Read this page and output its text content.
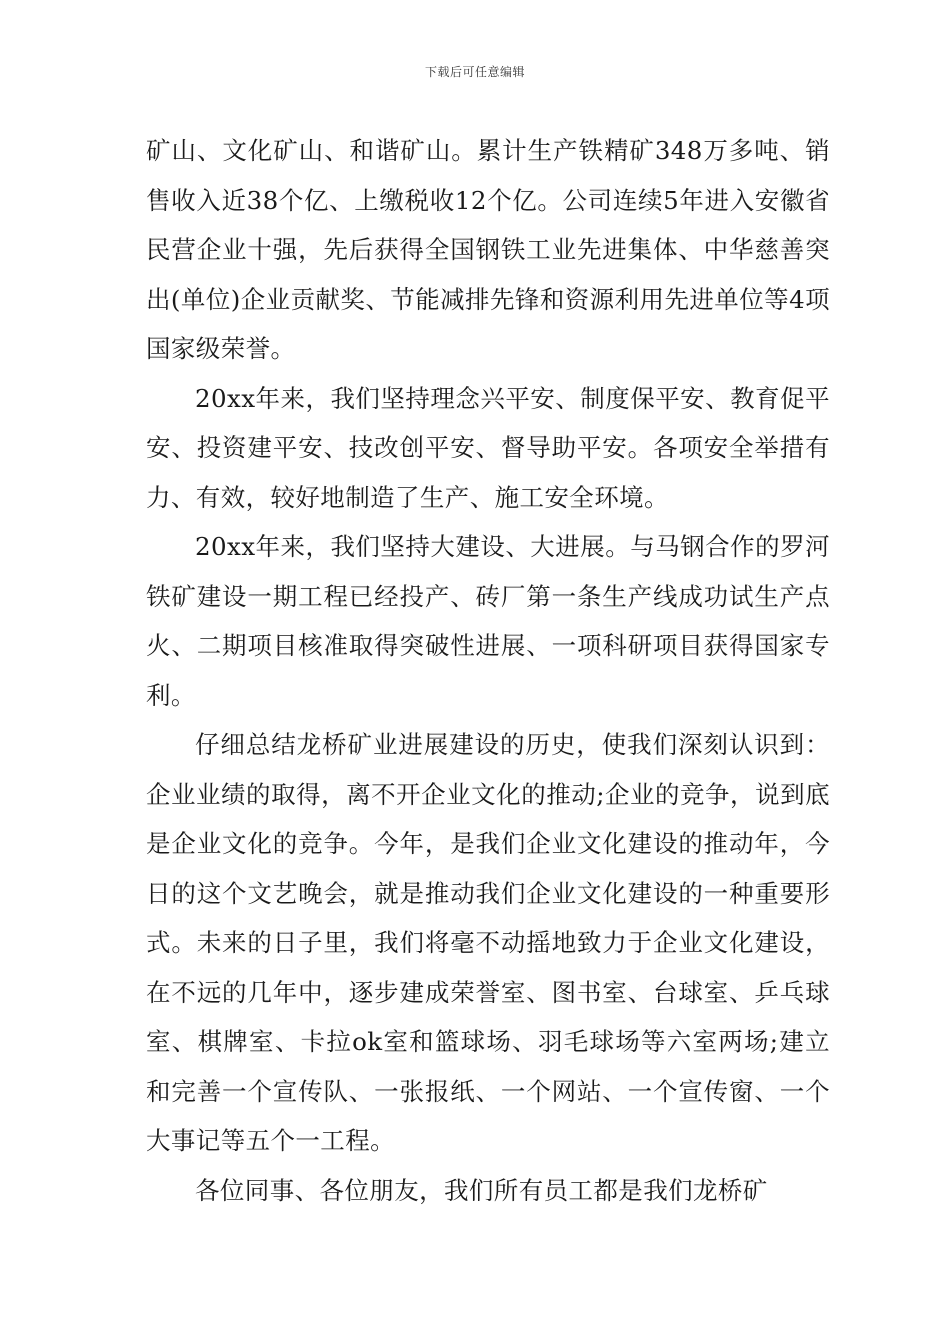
下载后可任意编辑

矿山、文化矿山、和谐矿山。累计生产铁精矿348万多吨、销售收入近38个亿、上缴税收12个亿。公司连续5年进入安徽省民营企业十强，先后获得全国钢铁工业先进集体、中华慈善突出(单位)企业贡献奖、节能减排先锋和资源利用先进单位等4项国家级荣誉。

20xx年来，我们坚持理念兴平安、制度保平安、教育促平安、投资建平安、技改创平安、督导助平安。各项安全举措有力、有效，较好地制造了生产、施工安全环境。

20xx年来，我们坚持大建设、大进展。与马钢合作的罗河铁矿建设一期工程已经投产、砖厂第一条生产线成功试生产点火、二期项目核准取得突破性进展、一项科研项目获得国家专利。

仔细总结龙桥矿业进展建设的历史，使我们深刻认识到：企业业绩的取得，离不开企业文化的推动;企业的竞争，说到底是企业文化的竞争。今年，是我们企业文化建设的推动年，今日的这个文艺晚会，就是推动我们企业文化建设的一种重要形式。未来的日子里，我们将毫不动摇地致力于企业文化建设，在不远的几年中，逐步建成荣誉室、图书室、台球室、乒乓球室、棋牌室、卡拉ok室和篮球场、羽毛球场等六室两场;建立和完善一个宣传队、一张报纸、一个网站、一个宣传窗、一个大事记等五个一工程。

各位同事、各位朋友，我们所有员工都是我们龙桥矿
